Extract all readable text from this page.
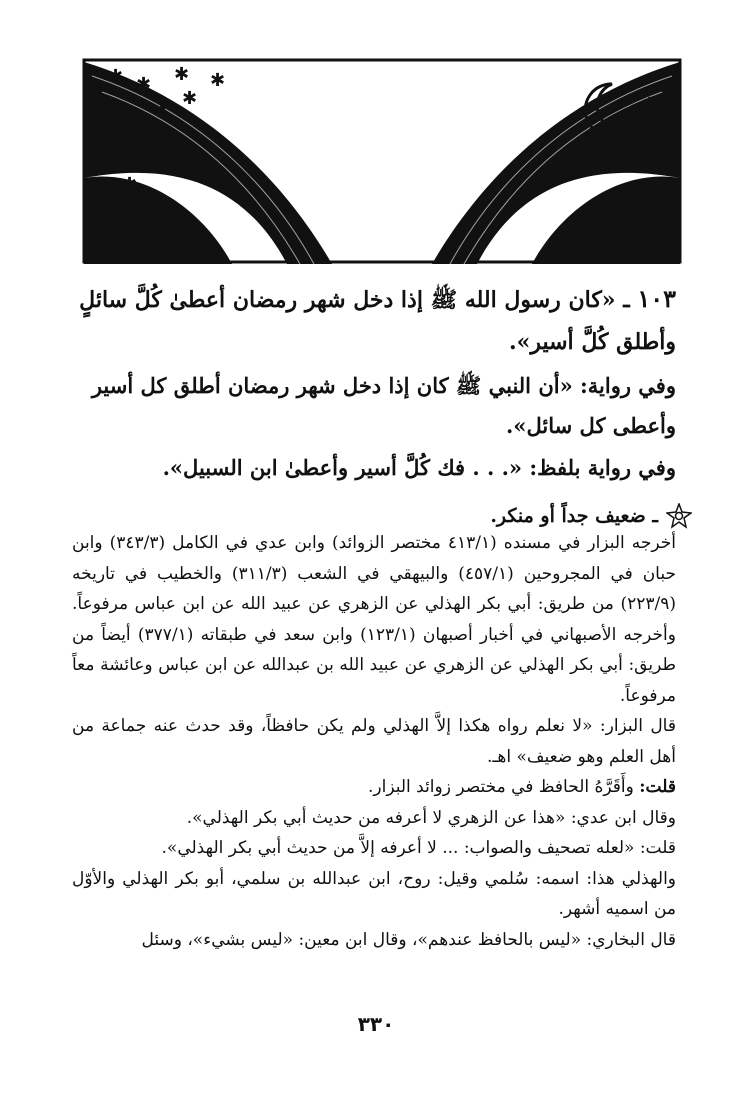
✱ ✱ ✱
✱ ✱
✱
✱
✱
✱
✱
✱
✱
✱
✱
١٠٣ ـ «كان رسول الله ﷺ إذا دخل شهر رمضان أعطىٰ كُلَّ سائلٍ وأطلق كُلَّ أسير».

وفي رواية: «أن النبي ﷺ كان إذا دخل شهر رمضان أطلق كل أسير وأعطى كل سائل».

وفي رواية بلفظ: «. . . فك كُلَّ أسير وأعطىٰ ابن السبيل».

ـ ضعيف جداً أو منكر.

أخرجه البزار في مسنده (٤١٣/١ مختصر الزوائد) وابن عدي في الكامل (٣٤٣/٣) وابن حبان في المجروحين (٤٥٧/١) والبيهقي في الشعب (٣١١/٣) والخطيب في تاريخه (٢٢٣/٩) من طريق: أبي بكر الهذلي عن الزهري عن عبيد الله عن ابن عباس مرفوعاً. وأخرجه الأصبهاني في أخبار أصبهان (١٢٣/١) وابن سعد في طبقاته (٣٧٧/١) أيضاً من طريق: أبي بكر الهذلي عن الزهري عن عبيد الله بن عبدالله عن ابن عباس وعائشة معاً مرفوعاً.

قال البزار: «لا نعلم رواه هكذا إلاَّ الهذلي ولم يكن حافظاً، وقد حدث عنه جماعة من أهل العلم وهو ضعيف» اهـ.

قلت: وأَقَرَّهُ الحافظ في مختصر زوائد البزار.

وقال ابن عدي: «هذا عن الزهري لا أعرفه من حديث أبي بكر الهذلي».

قلت: «لعله تصحيف والصواب: ... لا أعرفه إلاَّ من حديث أبي بكر الهذلي».

والهذلي هذا: اسمه: سُلمي وقيل: روح، ابن عبدالله بن سلمي، أبو بكر الهذلي والأوّل من اسميه أشهر.

قال البخاري: «ليس بالحافظ عندهم»، وقال ابن معين: «ليس بشيء»، وسئل

٣٣٠
